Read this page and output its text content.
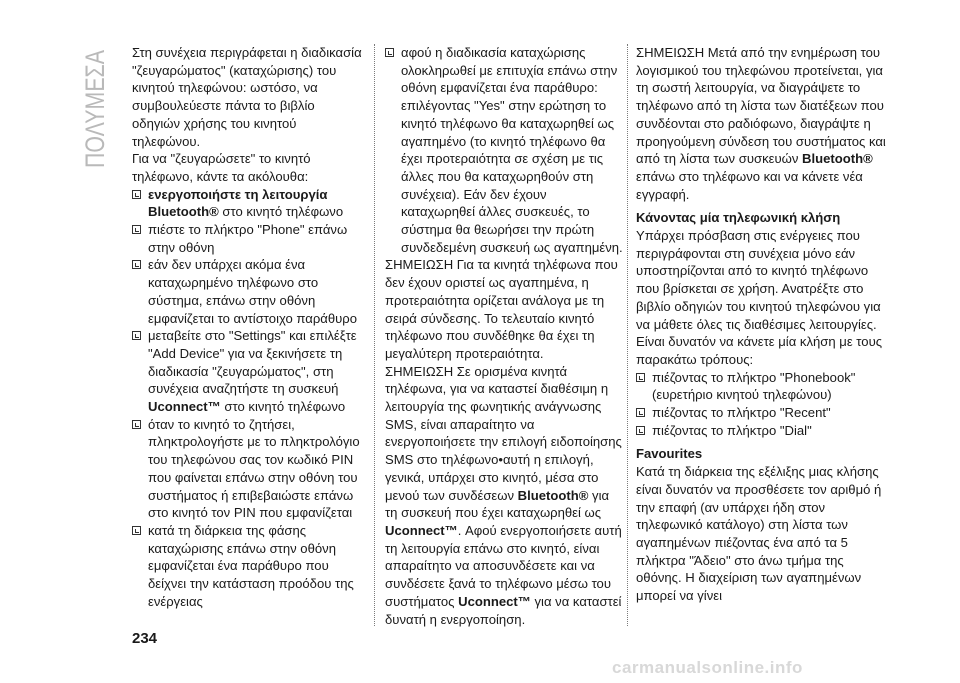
ΠΟΛΥΜΕΣΑ Στη συνέχεια περιγράφεται η διαδικασία "ζευγαρώματος" (καταχώρισης) του κινητού τηλεφώνου: ωστόσο, να συμβουλεύεστε πάντα το βιβλίο οδηγιών χρήσης του κινητού τηλεφώνου.

Για να "ζευγαρώσετε" το κινητό τηλέφωνο, κάντε τα ακόλουθα:

ενεργοποιήστε τη λειτουργία Bluetooth® στο κινητό τηλέφωνο
πιέστε το πλήκτρο "Phone" επάνω στην οθόνη
εάν δεν υπάρχει ακόμα ένα καταχωρημένο τηλέφωνο στο σύστημα, επάνω στην οθόνη εμφανίζεται το αντίστοιχο παράθυρο
μεταβείτε στο "Settings" και επιλέξτε "Add Device" για να ξεκινήσετε τη διαδικασία "ζευγαρώματος", στη συνέχεια αναζητήστε τη συσκευή Uconnect™ στο κινητό τηλέφωνο
όταν το κινητό το ζητήσει, πληκτρολογήστε με το πληκτρολόγιο του τηλεφώνου σας τον κωδικό PIN που φαίνεται επάνω στην οθόνη του συστήματος ή επιβεβαιώστε επάνω στο κινητό τον PIN που εμφανίζεται
κατά τη διάρκεια της φάσης καταχώρισης επάνω στην οθόνη εμφανίζεται ένα παράθυρο που δείχνει την κατάσταση προόδου της ενέργειας
αφού η διαδικασία καταχώρισης ολοκληρωθεί με επιτυχία επάνω στην οθόνη εμφανίζεται ένα παράθυρο: επιλέγοντας "Yes" στην ερώτηση το κινητό τηλέφωνο θα καταχωρηθεί ως αγαπημένο (το κινητό τηλέφωνο θα έχει προτεραιότητα σε σχέση με τις άλλες που θα καταχωρηθούν στη συνέχεια). Εάν δεν έχουν καταχωρηθεί άλλες συσκευές, το σύστημα θα θεωρήσει την πρώτη συνδεδεμένη συσκευή ως αγαπημένη.

ΣΗΜΕΙΩΣΗ Για τα κινητά τηλέφωνα που δεν έχουν οριστεί ως αγαπημένα, η προτεραιότητα ορίζεται ανάλογα με τη σειρά σύνδεσης. Το τελευταίο κινητό τηλέφωνο που συνδέθηκε θα έχει τη μεγαλύτερη προτεραιότητα.

ΣΗΜΕΙΩΣΗ Σε ορισμένα κινητά τηλέφωνα, για να καταστεί διαθέσιμη η λειτουργία της φωνητικής ανάγνωσης SMS, είναι απαραίτητο να ενεργοποιήσετε την επιλογή ειδοποίησης SMS στο τηλέφωνο•αυτή η επιλογή, γενικά, υπάρχει στο κινητό, μέσα στο μενού των συνδέσεων Bluetooth® για τη συσκευή που έχει καταχωρηθεί ως Uconnect™. Αφού ενεργοποιήσετε αυτή τη λειτουργία επάνω στο κινητό, είναι απαραίτητο να αποσυνδέσετε και να συνδέσετε ξανά το τηλέφωνο μέσω του συστήματος Uconnect™ για να καταστεί δυνατή η ενεργοποίηση.

ΣΗΜΕΙΩΣΗ Μετά από την ενημέρωση του λογισμικού του τηλεφώνου προτείνεται, για τη σωστή λειτουργία, να διαγράψετε το τηλέφωνο από τη λίστα των διατέξεων που συνδέονται στο ραδιόφωνο, διαγράψτε η προηγούμενη σύνδεση του συστήματος και από τη λίστα των συσκευών Bluetooth® επάνω στο τηλέφωνο και να κάνετε νέα εγγραφή.

Κάνοντας μία τηλεφωνική κλήση

Υπάρχει πρόσβαση στις ενέργειες που περιγράφονται στη συνέχεια μόνο εάν υποστηρίζονται από το κινητό τηλέφωνο που βρίσκεται σε χρήση. Ανατρέξτε στο βιβλίο οδηγιών του κινητού τηλεφώνου για να μάθετε όλες τις διαθέσιμες λειτουργίες.

Είναι δυνατόν να κάνετε μία κλήση με τους παρακάτω τρόπους:

πιέζοντας το πλήκτρο "Phonebook" (ευρετήριο κινητού τηλεφώνου)
πιέζοντας το πλήκτρο "Recent"
πιέζοντας το πλήκτρο "Dial"

Favourites

Κατά τη διάρκεια της εξέλιξης μιας κλήσης είναι δυνατόν να προσθέσετε τον αριθμό ή την επαφή (αν υπάρχει ήδη στον τηλεφωνικό κατάλογο) στη λίστα των αγαπημένων πιέζοντας ένα από τα 5 πλήκτρα "Άδειο" στο άνω τμήμα της οθόνης. Η διαχείριση των αγαπημένων μπορεί να γίνει

234
carmanualsonline.info
